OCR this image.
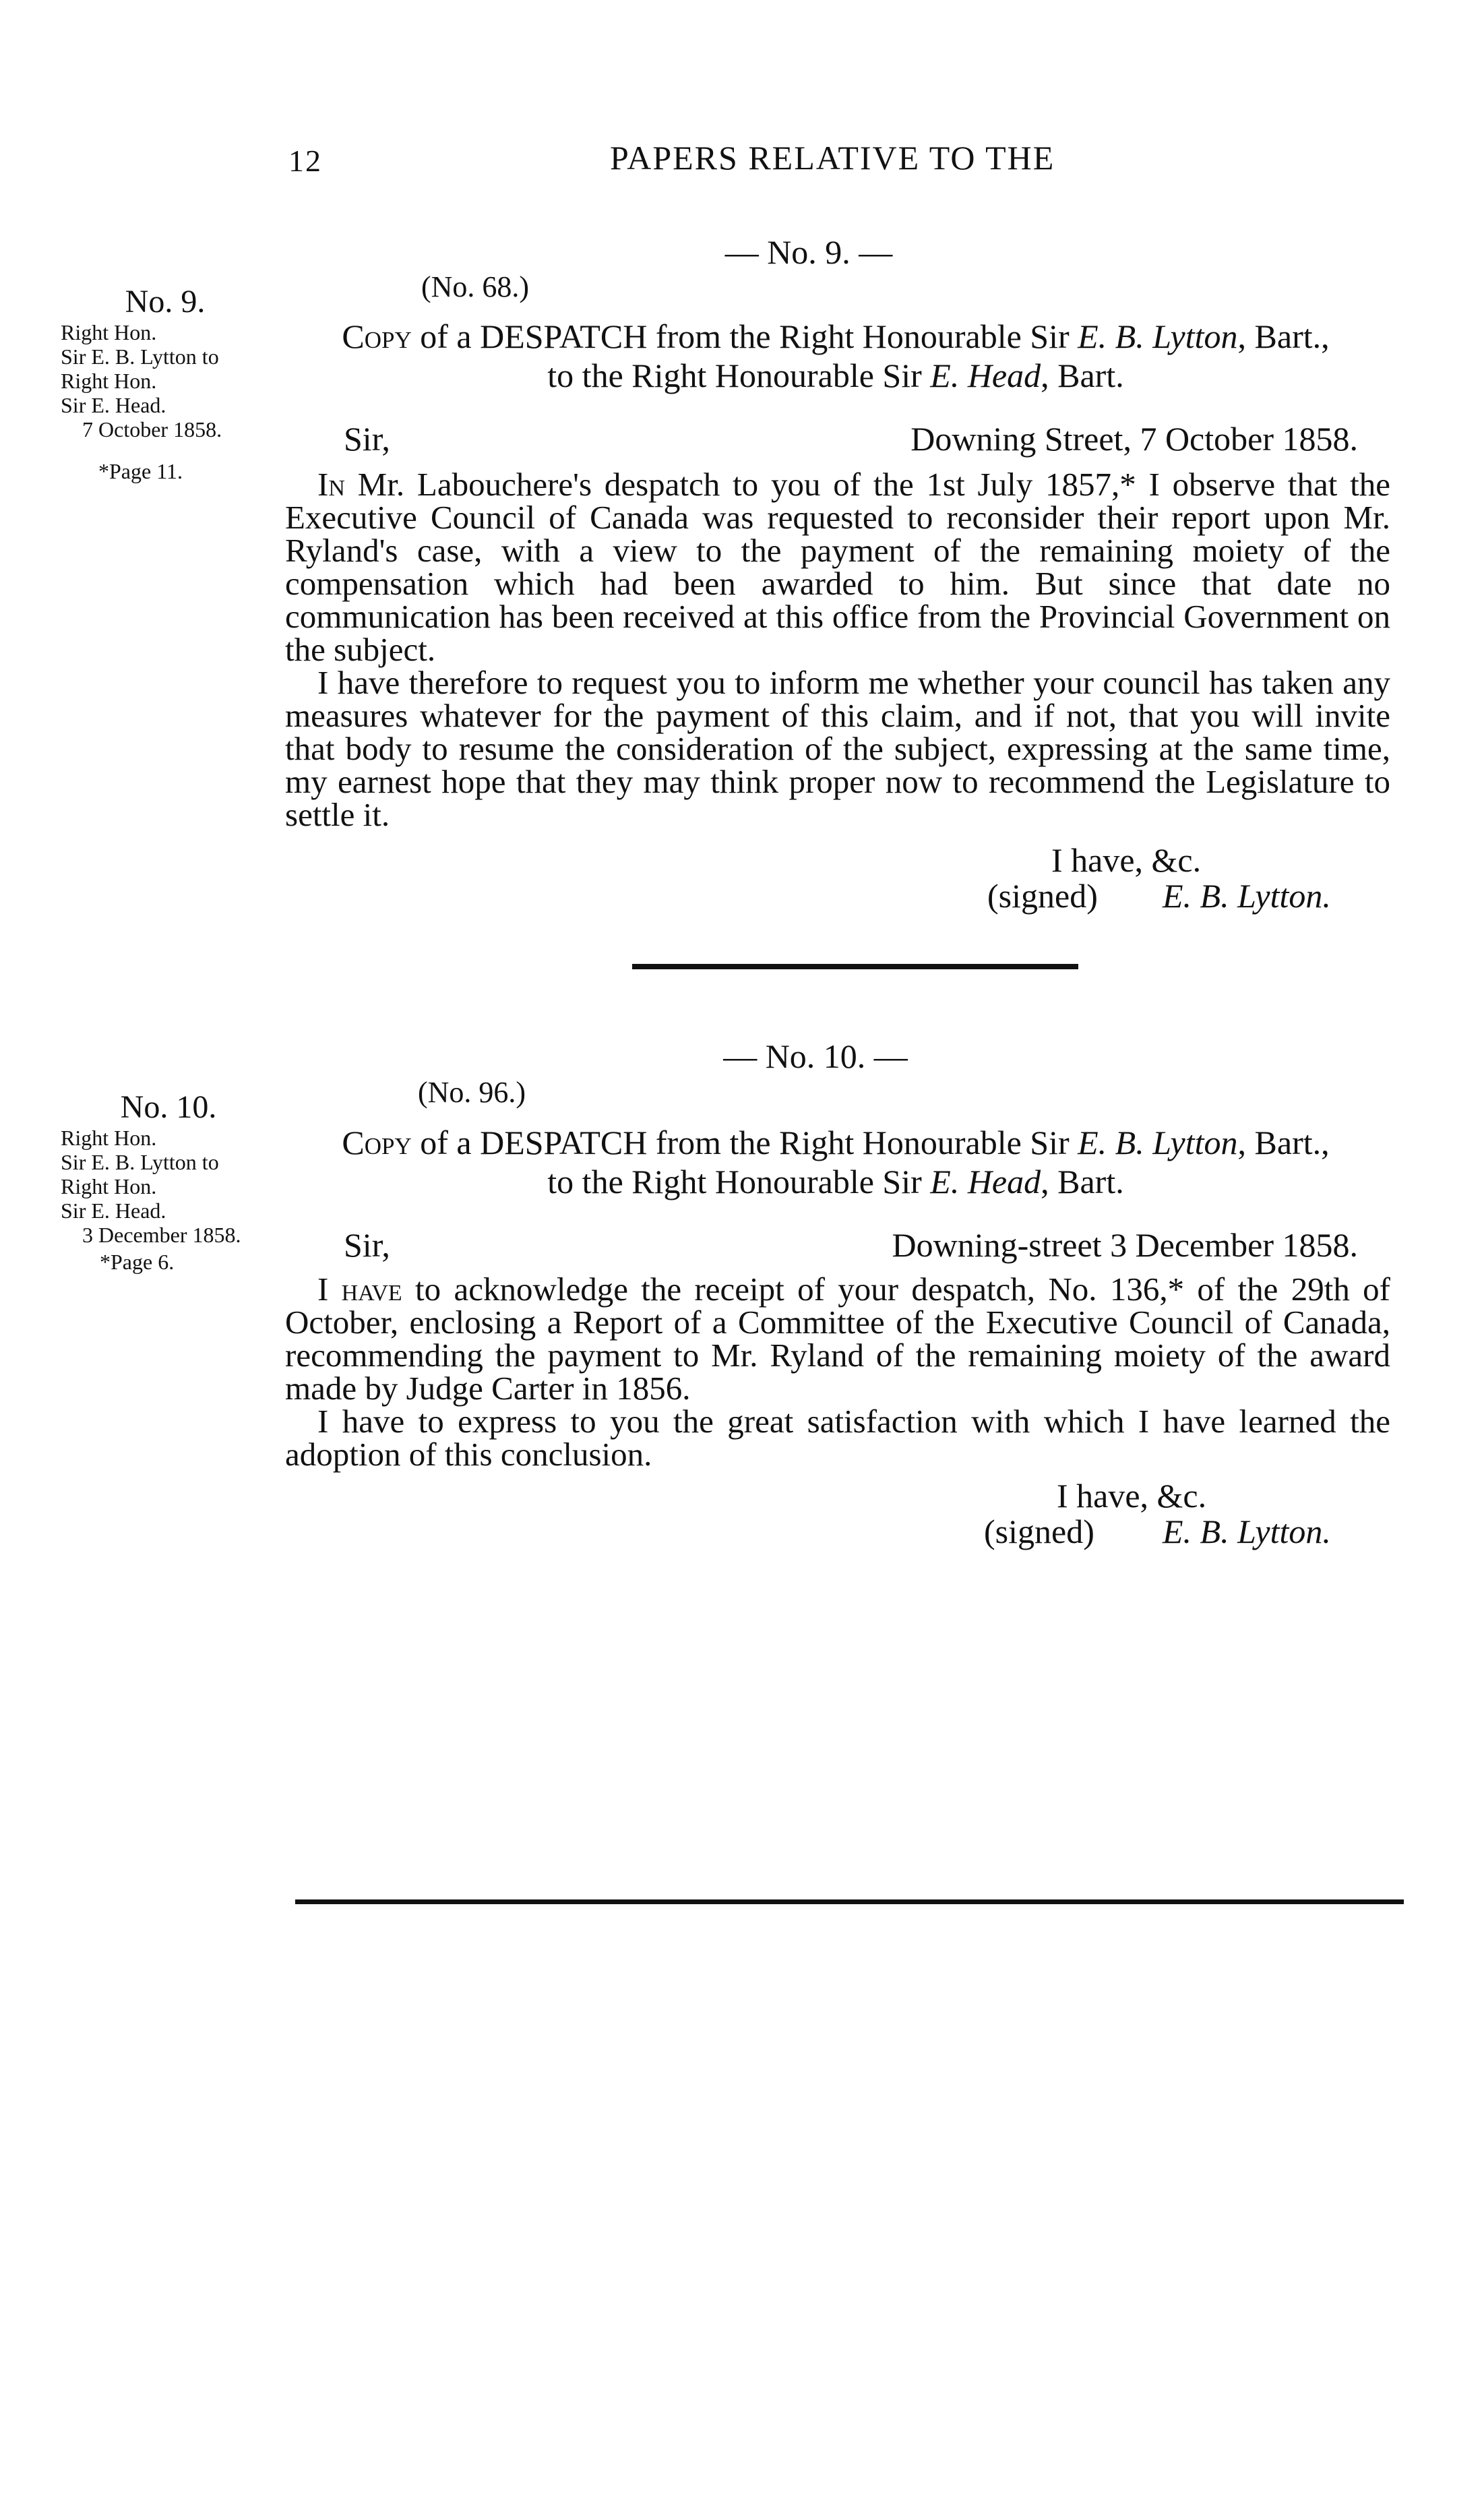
12	PAPERS RELATIVE TO THE
— No. 9. —
No. 9.
Right Hon.
Sir E. B. Lytton to
Right Hon.
Sir E. Head.
7 October 1858.
*Page 11.
(No. 68.)
Copy of a DESPATCH from the Right Honourable Sir E. B. Lytton, Bart.,
to the Right Honourable Sir E. Head, Bart.
Sir,	Downing Street, 7 October 1858.

In Mr. Labouchere's despatch to you of the 1st July 1857,* I observe that the Executive Council of Canada was requested to reconsider their report upon Mr. Ryland's case, with a view to the payment of the remaining moiety of the compensation which had been awarded to him. But since that date no communication has been received at this office from the Provincial Government on the subject.

I have therefore to request you to inform me whether your council has taken any measures whatever for the payment of this claim, and if not, that you will invite that body to resume the consideration of the subject, expressing at the same time, my earnest hope that they may think proper now to recommend the Legislature to settle it.

I have, &c.
(signed) E. B. Lytton.
— No. 10. —
No. 10.
Right Hon.
Sir E. B. Lytton to
Right Hon.
Sir E. Head.
3 December 1858.
*Page 6.
(No. 96.)
Copy of a DESPATCH from the Right Honourable Sir E. B. Lytton, Bart.,
to the Right Honourable Sir E. Head, Bart.
Sir,	Downing-street 3 December 1858.

I have to acknowledge the receipt of your despatch, No. 136,* of the 29th of October, enclosing a Report of a Committee of the Executive Council of Canada, recommending the payment to Mr. Ryland of the remaining moiety of the award made by Judge Carter in 1856.

I have to express to you the great satisfaction with which I have learned the adoption of this conclusion.

I have, &c.
(signed) E. B. Lytton.
